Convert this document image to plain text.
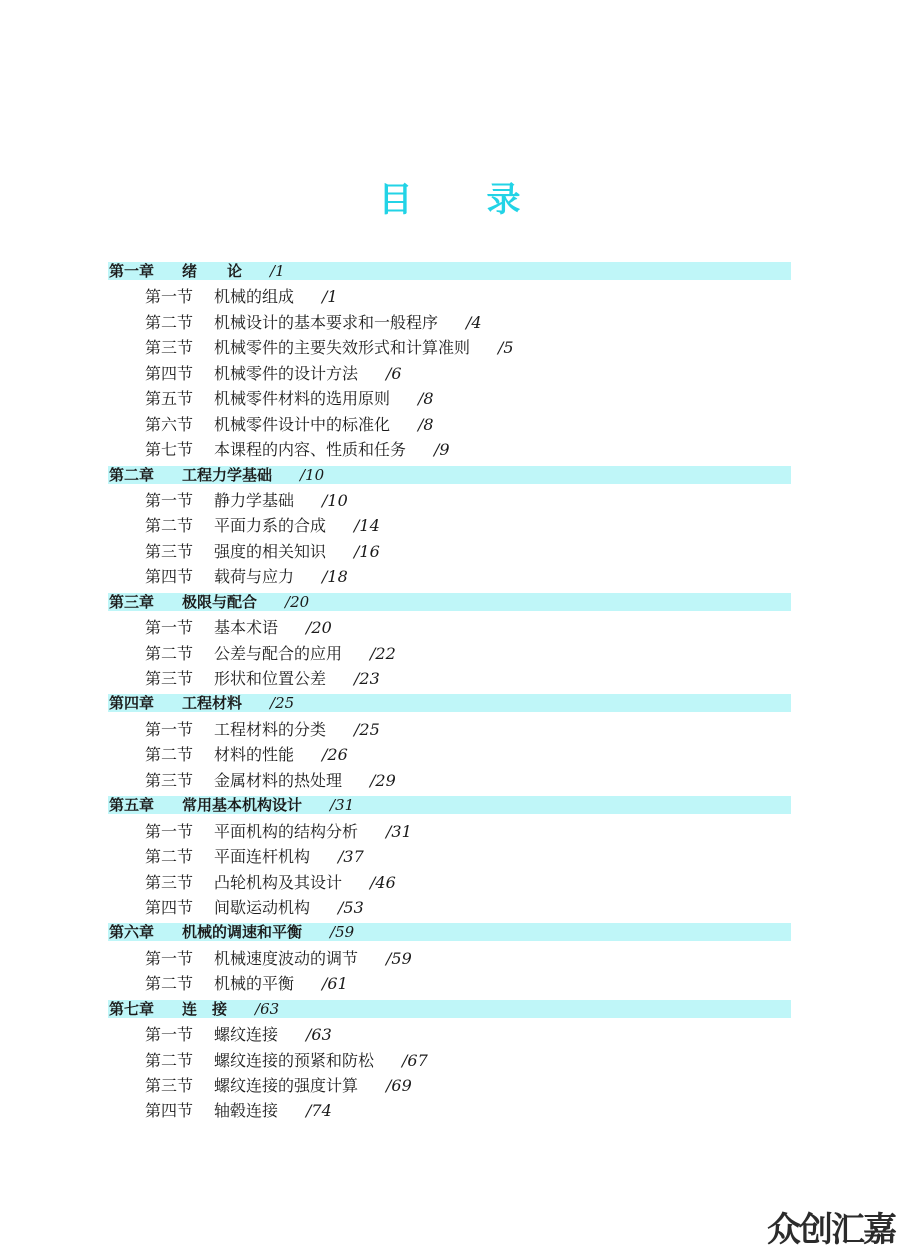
目 录
第一章 绪　　论 /1
第一节 机械的组成 /1
第二节 机械设计的基本要求和一般程序 /4
第三节 机械零件的主要失效形式和计算准则 /5
第四节 机械零件的设计方法 /6
第五节 机械零件材料的选用原则 /8
第六节 机械零件设计中的标准化 /8
第七节 本课程的内容、性质和任务 /9
第二章 工程力学基础 /10
第一节 静力学基础 /10
第二节 平面力系的合成 /14
第三节 强度的相关知识 /16
第四节 载荷与应力 /18
第三章 极限与配合 /20
第一节 基本术语 /20
第二节 公差与配合的应用 /22
第三节 形状和位置公差 /23
第四章 工程材料 /25
第一节 工程材料的分类 /25
第二节 材料的性能 /26
第三节 金属材料的热处理 /29
第五章 常用基本机构设计 /31
第一节 平面机构的结构分析 /31
第二节 平面连杆机构 /37
第三节 凸轮机构及其设计 /46
第四节 间歇运动机构 /53
第六章 机械的调速和平衡 /59
第一节 机械速度波动的调节 /59
第二节 机械的平衡 /61
第七章 连　接 /63
第一节 螺纹连接 /63
第二节 螺纹连接的预紧和防松 /67
第三节 螺纹连接的强度计算 /69
第四节 轴毂连接 /74
众创汇嘉
